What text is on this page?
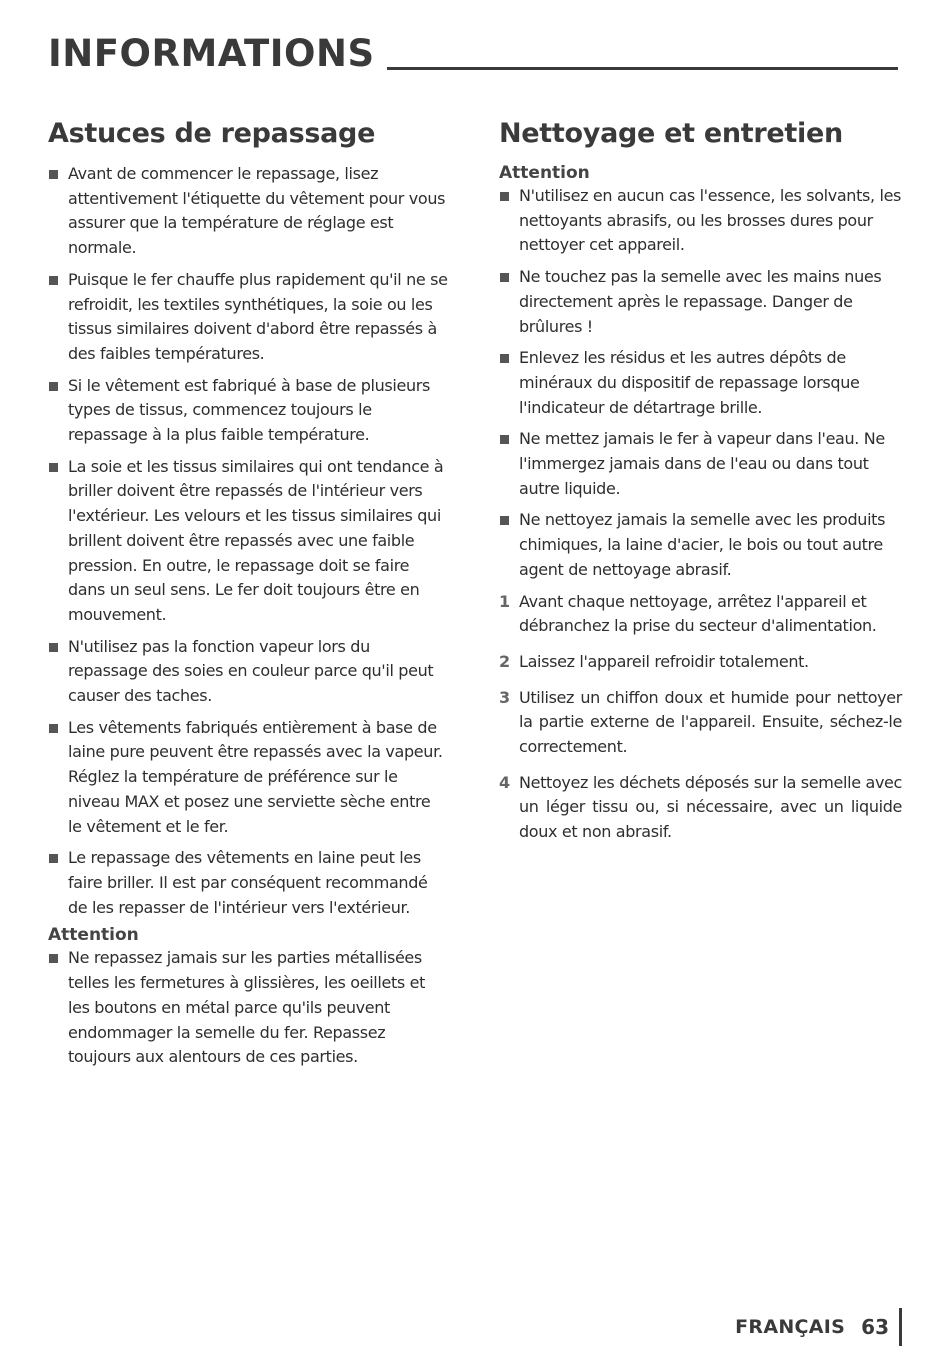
INFORMATIONS
Astuces de repassage
Avant de commencer le repassage, lisez attentivement l'étiquette du vêtement pour vous assurer que la température de réglage est normale.
Puisque le fer chauffe plus rapidement qu'il ne se refroidit, les textiles synthétiques, la soie ou les tissus similaires doivent d'abord être repassés à des faibles températures.
Si le vêtement est fabriqué à base de plusieurs types de tissus, commencez toujours le repassage à la plus faible température.
La soie et les tissus similaires qui ont tendance à briller doivent être repassés de l'intérieur vers l'extérieur. Les velours et les tissus similaires qui brillent doivent être repassés avec une faible pression. En outre, le repassage doit se faire dans un seul sens. Le fer doit toujours être en mouvement.
N'utilisez pas la fonction vapeur lors du repassage des soies en couleur parce qu'il peut causer des taches.
Les vêtements fabriqués entièrement à base de laine pure peuvent être repassés avec la vapeur. Réglez la température de préférence sur le niveau MAX et posez une serviette sèche entre le vêtement et le fer.
Le repassage des vêtements en laine peut les faire briller. Il est par conséquent recommandé de les repasser de l'intérieur vers l'extérieur.

Attention

Ne repassez jamais sur les parties métallisées telles les fermetures à glissières, les oeillets et les boutons en métal parce qu'ils peuvent endommager la semelle du fer. Repassez toujours aux alentours de ces parties.
Nettoyage et entretien

Attention

N'utilisez en aucun cas l'essence, les solvants, les nettoyants abrasifs, ou les brosses dures pour nettoyer cet appareil.
Ne touchez pas la semelle avec les mains nues directement après le repassage. Danger de brûlures !
Enlevez les résidus et les autres dépôts de minéraux du dispositif de repassage lorsque l'indicateur de détartrage brille.
Ne mettez jamais le fer à vapeur dans l'eau. Ne l'immergez jamais dans de l'eau ou dans tout autre liquide.
Ne nettoyez jamais la semelle avec les produits chimiques, la laine d'acier, le bois ou tout autre agent de nettoyage abrasif.
1 Avant chaque nettoyage, arrêtez l'appareil et débranchez la prise du secteur d'alimentation.
2 Laissez l'appareil refroidir totalement.
3 Utilisez un chiffon doux et humide pour nettoyer la partie externe de l'appareil. Ensuite, séchez-le correctement.
4 Nettoyez les déchets déposés sur la semelle avec un léger tissu ou, si nécessaire, avec un liquide doux et non abrasif.
FRANÇAIS 63
